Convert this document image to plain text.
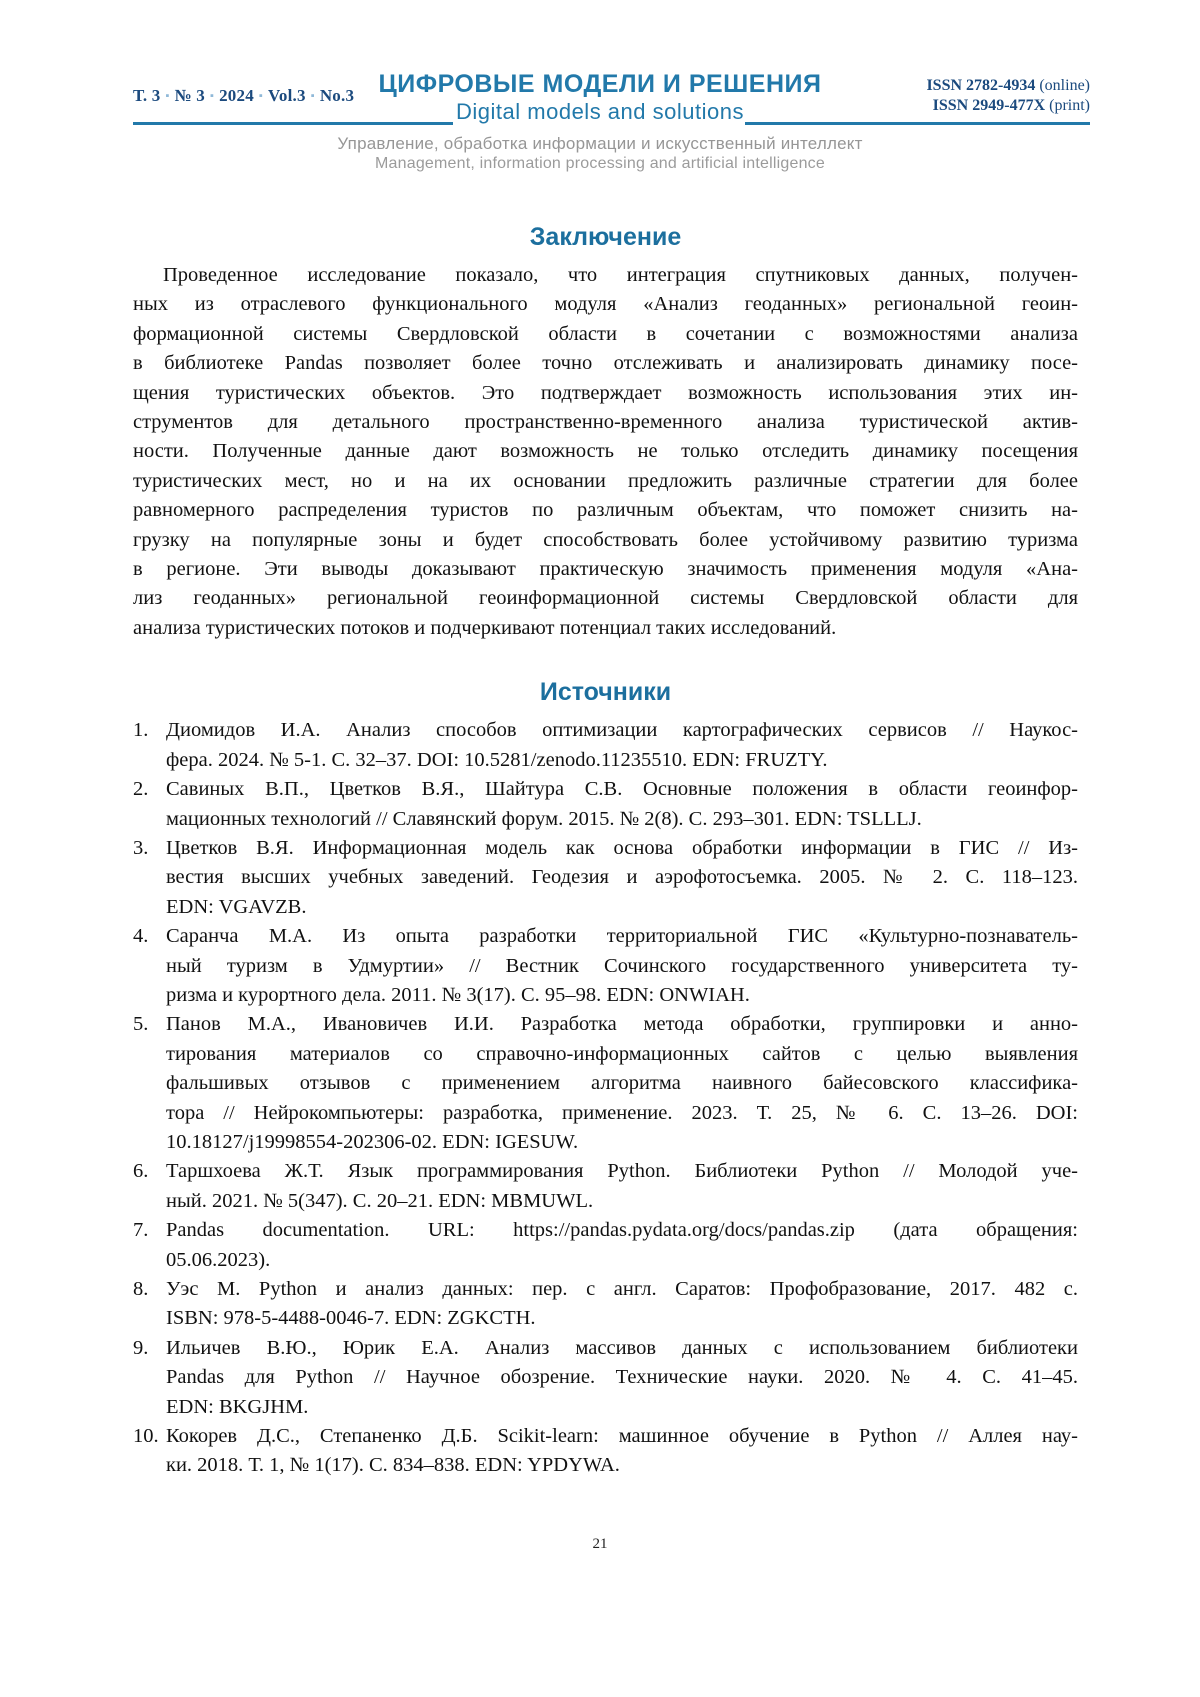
Т. 3 ▪ № 3 ▪ 2024 ▪ Vol.3 ▪ No.3 ЦИФРОВЫЕ МОДЕЛИ И РЕШЕНИЯ
Digital models and solutions
ISSN 2782-4934 (online)
ISSN 2949-477X (print)
Управление, обработка информации и искусственный интеллект
Management, information processing and artificial intelligence
Заключение
Проведенное исследование показало, что интеграция спутниковых данных, получен-
ных из отраслевого функционального модуля «Анализ геоданных» региональной геоин-
формационной системы Свердловской области в сочетании с возможностями анализа
в библиотеке Pandas позволяет более точно отслеживать и анализировать динамику посе-
щения туристических объектов. Это подтверждает возможность использования этих ин-
струментов для детального пространственно-временного анализа туристической актив-
ности. Полученные данные дают возможность не только отследить динамику посещения
туристических мест, но и на их основании предложить различные стратегии для более
равномерного распределения туристов по различным объектам, что поможет снизить на-
грузку на популярные зоны и будет способствовать более устойчивому развитию туризма
в регионе. Эти выводы доказывают практическую значимость применения модуля «Ана-
лиз геоданных» региональной геоинформационной системы Свердловской области для
анализа туристических потоков и подчеркивают потенциал таких исследований.
Источники
1. Диомидов И.А. Анализ способов оптимизации картографических сервисов // Наукос-
фера. 2024. № 5-1. С. 32–37. DOI: 10.5281/zenodo.11235510. EDN: FRUZTY.
2. Савиных В.П., Цветков В.Я., Шайтура С.В. Основные положения в области геоинфор-
мационных технологий // Славянский форум. 2015. № 2(8). С. 293–301. EDN: TSLLLJ.
3. Цветков В.Я. Информационная модель как основа обработки информации в ГИС // Из-
вестия высших учебных заведений. Геодезия и аэрофотосъемка. 2005. № 2. С. 118–123.
EDN: VGAVZB.
4. Саранча М.А. Из опыта разработки территориальной ГИС «Культурно-познаватель-
ный туризм в Удмуртии» // Вестник Сочинского государственного университета ту-
ризма и курортного дела. 2011. № 3(17). С. 95–98. EDN: ONWIAH.
5. Панов М.А., Ивановичев И.И. Разработка метода обработки, группировки и анно-
тирования материалов со справочно-информационных сайтов с целью выявления
фальшивых отзывов с применением алгоритма наивного байесовского классифика-
тора // Нейрокомпьютеры: разработка, применение. 2023. Т. 25, № 6. С. 13–26. DOI:
10.18127/j19998554-202306-02. EDN: IGESUW.
6. Таршхоева Ж.Т. Язык программирования Python. Библиотеки Python // Молодой уче-
ный. 2021. № 5(347). С. 20–21. EDN: MBMUWL.
7. Pandas documentation. URL: https://pandas.pydata.org/docs/pandas.zip (дата обращения:
05.06.2023).
8. Уэс М. Python и анализ данных: пер. с англ. Саратов: Профобразование, 2017. 482 с.
ISBN: 978-5-4488-0046-7. EDN: ZGKCTH.
9. Ильичев В.Ю., Юрик Е.А. Анализ массивов данных с использованием библиотеки
Pandas для Python // Научное обозрение. Технические науки. 2020. № 4. С. 41–45.
EDN: BKGJHM.
10. Кокорев Д.С., Степаненко Д.Б. Scikit-learn: машинное обучение в Python // Аллея нау-
ки. 2018. Т. 1, № 1(17). С. 834–838. EDN: YPDYWA.
21
